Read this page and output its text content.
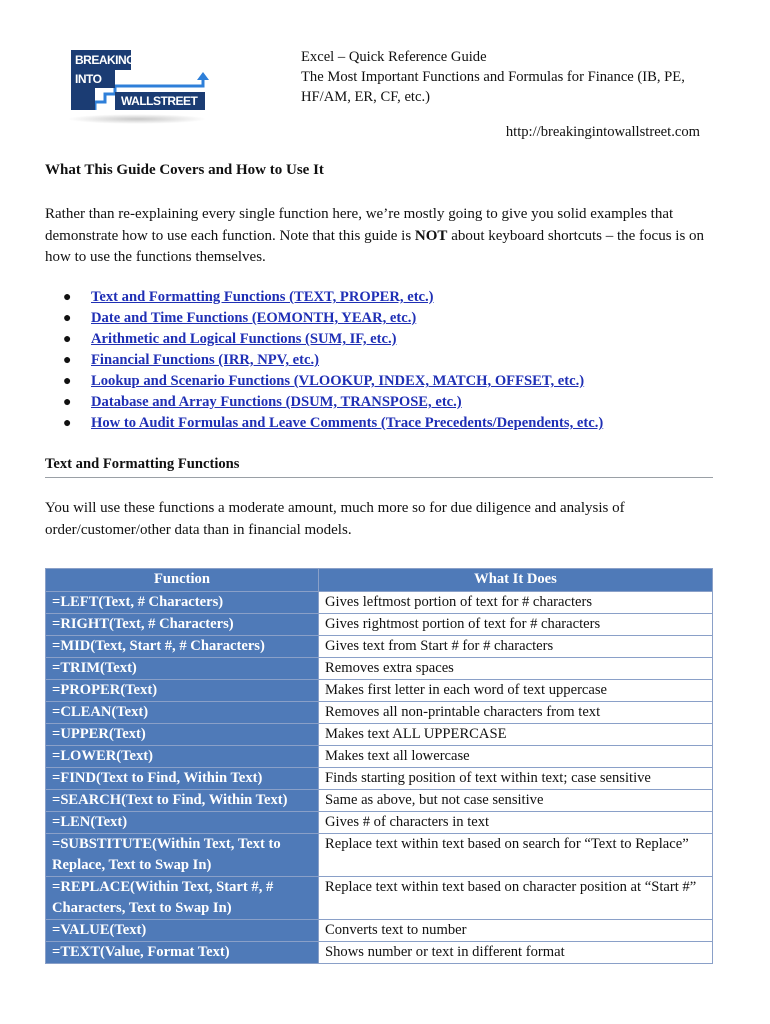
BREAKING
INTO
WALLSTREET
Excel – Quick Reference Guide
The Most Important Functions and Formulas for Finance (IB, PE,
HF/AM, ER, CF, etc.)
http://breakingintowallstreet.com
What This Guide Covers and How to Use It
Rather than re-explaining every single function here, we’re mostly going to give you solid examples that demonstrate how to use each function. Note that this guide is NOT about keyboard shortcuts – the focus is on how to use the functions themselves.
● Text and Formatting Functions (TEXT, PROPER, etc.)
● Date and Time Functions (EOMONTH, YEAR, etc.)
● Arithmetic and Logical Functions (SUM, IF, etc.)
● Financial Functions (IRR, NPV, etc.)
● Lookup and Scenario Functions (VLOOKUP, INDEX, MATCH, OFFSET, etc.)
● Database and Array Functions (DSUM, TRANSPOSE, etc.)
● How to Audit Formulas and Leave Comments (Trace Precedents/Dependents, etc.)
Text and Formatting Functions
You will use these functions a moderate amount, much more so for due diligence and analysis of order/customer/other data than in financial models.
Function	What It Does
=LEFT(Text, # Characters)	Gives leftmost portion of text for # characters
=RIGHT(Text, # Characters)	Gives rightmost portion of text for # characters
=MID(Text, Start #, # Characters)	Gives text from Start # for # characters
=TRIM(Text)	Removes extra spaces
=PROPER(Text)	Makes first letter in each word of text uppercase
=CLEAN(Text)	Removes all non-printable characters from text
=UPPER(Text)	Makes text ALL UPPERCASE
=LOWER(Text)	Makes text all lowercase
=FIND(Text to Find, Within Text)	Finds starting position of text within text; case sensitive
=SEARCH(Text to Find, Within Text)	Same as above, but not case sensitive
=LEN(Text)	Gives # of characters in text
=SUBSTITUTE(Within Text, Text to Replace, Text to Swap In)	Replace text within text based on search for “Text to Replace”
=REPLACE(Within Text, Start #, # Characters, Text to Swap In)	Replace text within text based on character position at “Start #”
=VALUE(Text)	Converts text to number
=TEXT(Value, Format Text)	Shows number or text in different format
